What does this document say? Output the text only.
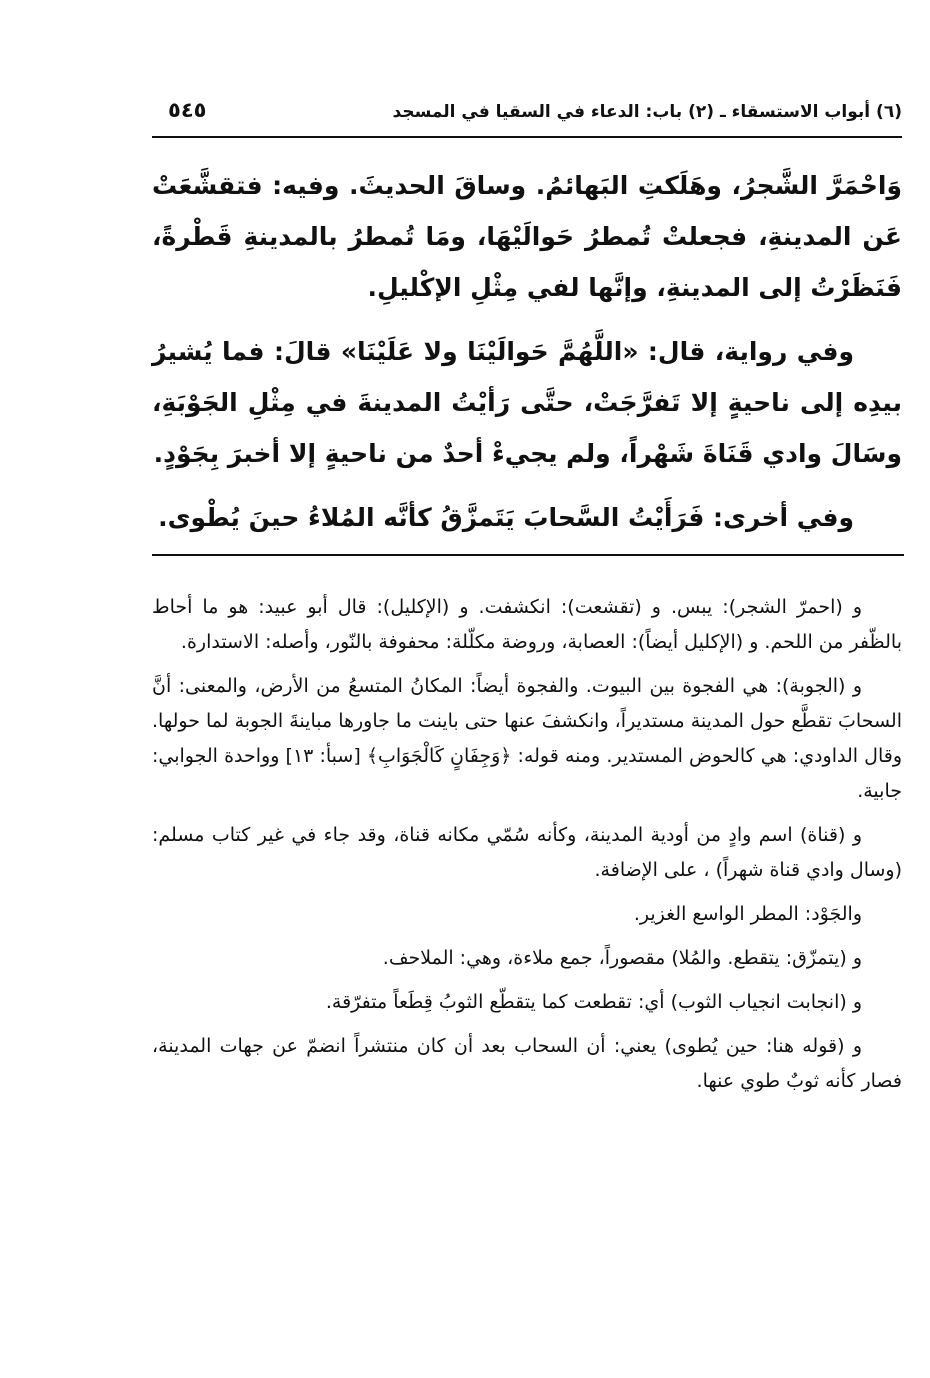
(٦) أبواب الاستسقاء ـ (٢) باب: الدعاء في السقيا في المسجد
٥٤٥

وَاحْمَرَّ الشَّجرُ، وهَلَكتِ البَهائمُ. وساقَ الحديثَ. وفيه: فتقشَّعَتْ عَن المدينةِ، فجعلتْ تُمطرُ حَوالَيْهَا، ومَا تُمطرُ بالمدينةِ قَطْرةً، فَنَظَرْتُ إلى المدينةِ، وإنَّها لفي مِثْلِ الإكْليلِ.

وفي رواية، قال: «اللَّهُمَّ حَوالَيْنَا ولا عَلَيْنَا» قالَ: فما يُشيرُ بيدِه إلى ناحيةٍ إلا تَفرَّجَتْ، حتَّى رَأيْتُ المدينةَ في مِثْلِ الجَوْبَةِ، وسَالَ وادي قَنَاةَ شَهْراً، ولم يجيءْ أحدٌ من ناحيةٍ إلا أخبرَ بِجَوْدٍ.

وفي أخرى: فَرَأَيْتُ السَّحابَ يَتَمزَّقُ كأنَّه المُلاءُ حينَ يُطْوى.

و (احمرّ الشجر): يبس. و (تقشعت): انكشفت. و (الإكليل): قال أبو عبيد: هو ما أحاط بالظّفر من اللحم. و (الإكليل أيضاً): العصابة، وروضة مكلّلة: محفوفة بالنّور، وأصله: الاستدارة.

و (الجوبة): هي الفجوة بين البيوت. والفجوة أيضاً: المكانُ المتسعُ من الأرض، والمعنى: أنَّ السحابَ تقطَّع حول المدينة مستديراً، وانكشفَ عنها حتى باينت ما جاورها مباينةَ الجوبة لما حولها. وقال الداودي: هي كالحوض المستدير. ومنه قوله: ﴿وَجِفَانٍ كَالْجَوَابِ﴾ [سبأ: ١٣] وواحدة الجوابي: جابية.

و (قناة) اسم وادٍ من أودية المدينة، وكأنه سُمّي مكانه قناة، وقد جاء في غير كتاب مسلم: (وسال وادي قناة شهراً) ، على الإضافة.

والجَوْد: المطر الواسع الغزير.

و (يتمزّق: يتقطع. والمُلا) مقصوراً، جمع ملاءة، وهي: الملاحف.

و (انجابت انجياب الثوب) أي: تقطعت كما يتقطّع الثوبُ قِطَعاً متفرّقة.

و (قوله هنا: حين يُطوى) يعني: أن السحاب بعد أن كان منتشراً انضمّ عن جهات المدينة، فصار كأنه ثوبٌ طوي عنها.
